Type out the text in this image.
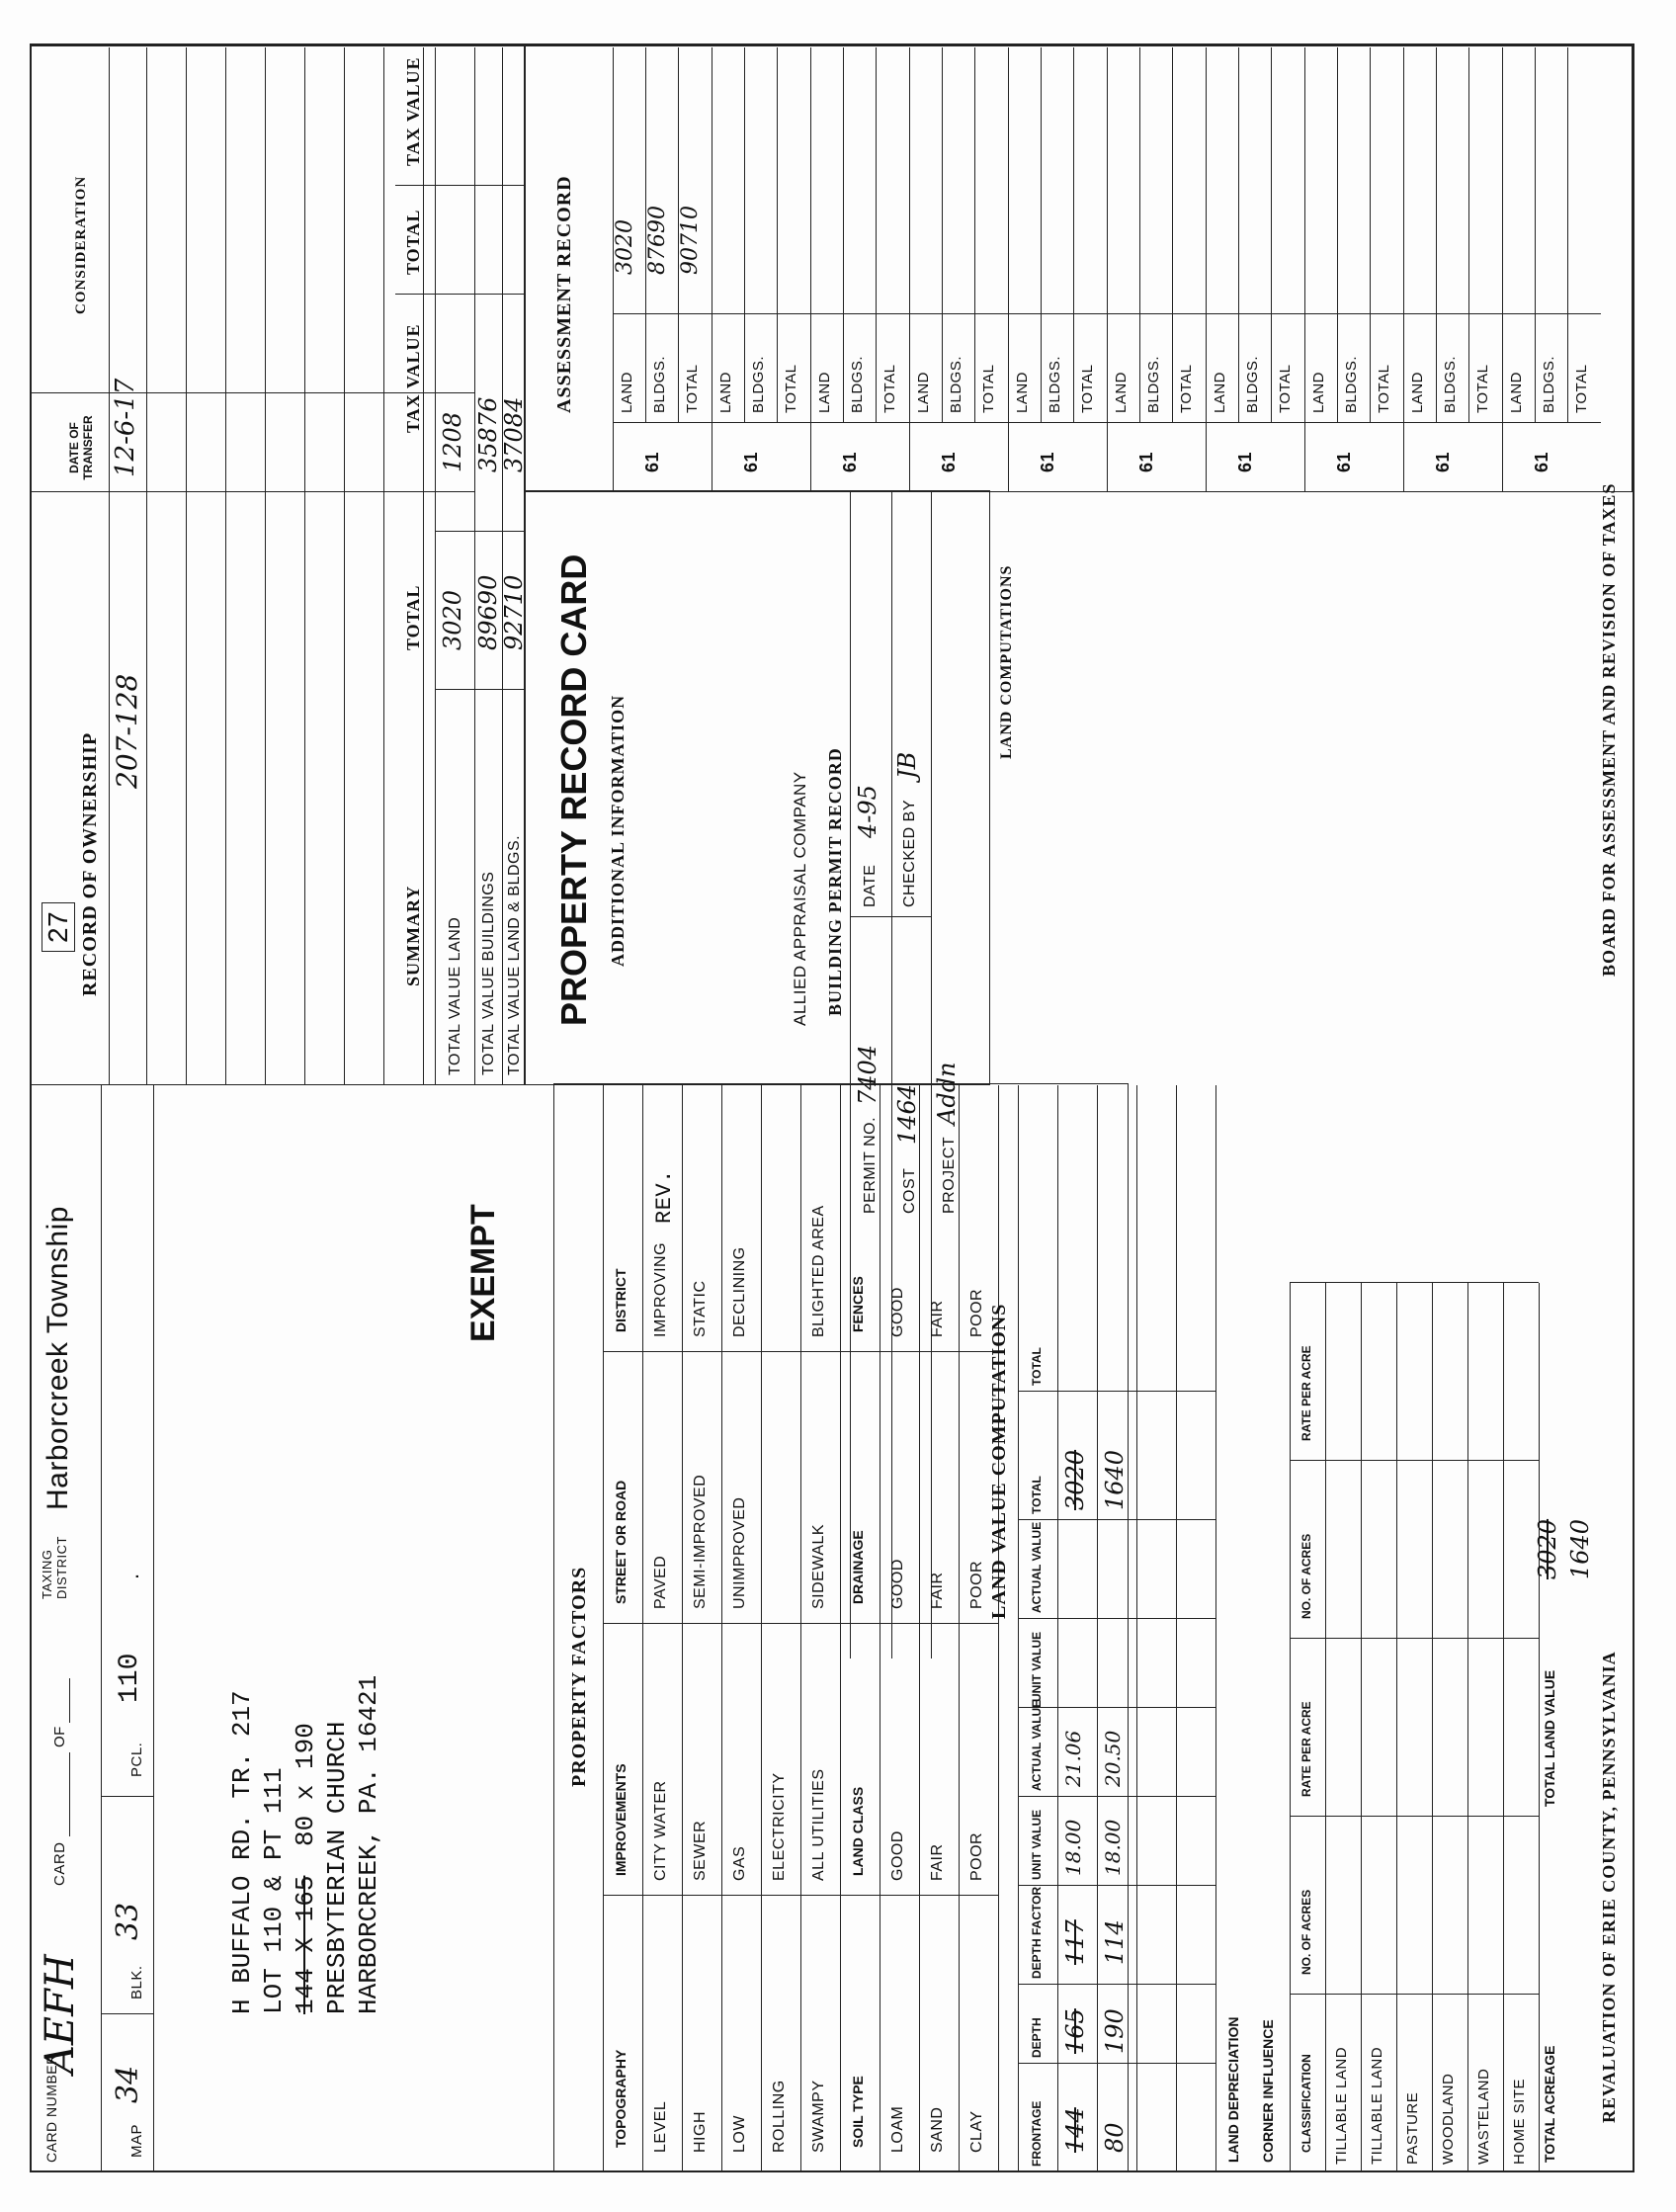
CARD NUMBER
AEFH
CARD
OF
TAXING DISTRICT
Harborcreek Township
27
MAP
34
BLK.
33
PCL.
110
.
H BUFFALO RD. TR. 217 LOT 110 & PT 111 144 X 165
80 x 190 PRESBYTERIAN CHURCH HARBORCREEK, PA. 16421
EXEMPT
RECORD OF OWNERSHIP
DATE OF TRANSFER
CONSIDERATION
207-128
12-6-17
SUMMARY
TOTAL
TAX VALUE
TOTAL
TAX VALUE
TOTAL VALUE LAND
3020
1208
TOTAL VALUE BUILDINGS
89690
35876
TOTAL VALUE LAND & BLDGS.
92710
37084
PROPERTY RECORD CARD ADDITIONAL INFORMATION
REV.
ALLIED APPRAISAL COMPANY BUILDING PERMIT RECORD
PERMIT NO.
7404
DATE
4-95
COST
1464
CHECKED BY
JB
PROJECT
Addn
LAND COMPUTATIONS
ASSESSMENT RECORD
61
LAND
3020
BLDGS.
87690
TOTAL
90710
61
LAND BLDGS. TOTAL
61
LAND BLDGS. TOTAL
61
LAND BLDGS. TOTAL
61
LAND BLDGS. TOTAL
61
LAND BLDGS. TOTAL
61
LAND BLDGS. TOTAL
61
LAND BLDGS. TOTAL
61
LAND BLDGS. TOTAL
61
LAND BLDGS. TOTAL
PROPERTY FACTORS
TOPOGRAPHY LEVEL HIGH LOW ROLLING SWAMPY
IMPROVEMENTS CITY WATER SEWER GAS ELECTRICITY ALL UTILITIES
STREET OR ROAD PAVED SEMI-IMPROVED UNIMPROVED	SIDEWALK
DISTRICT IMPROVING STATIC DECLINING	BLIGHTED AREA
SOIL TYPE LOAM SAND CLAY
LAND CLASS GOOD FAIR POOR
DRAINAGE GOOD FAIR POOR
FENCES GOOD FAIR POOR LAND VALUE COMPUTATIONS
FRONTAGE
DEPTH
DEPTH FACTOR
UNIT VALUE
ACTUAL VALUE
UNIT VALUE
ACTUAL VALUE
TOTAL
TOTAL
144
165
117
18.00
21.06
3020
80
190
114
18.00
20.50
1640
LAND DEPRECIATION CORNER INFLUENCE CLASSIFICATION
NO. OF ACRES
RATE PER ACRE
NO. OF ACRES
RATE PER ACRE
TILLABLE LAND TILLABLE LAND PASTURE WOODLAND WASTELAND HOME SITE TOTAL ACREAGE
TOTAL LAND VALUE
3020 1640
REVALUATION OF ERIE COUNTY, PENNSYLVANIA
BOARD FOR ASSESSMENT AND REVISION OF TAXES
